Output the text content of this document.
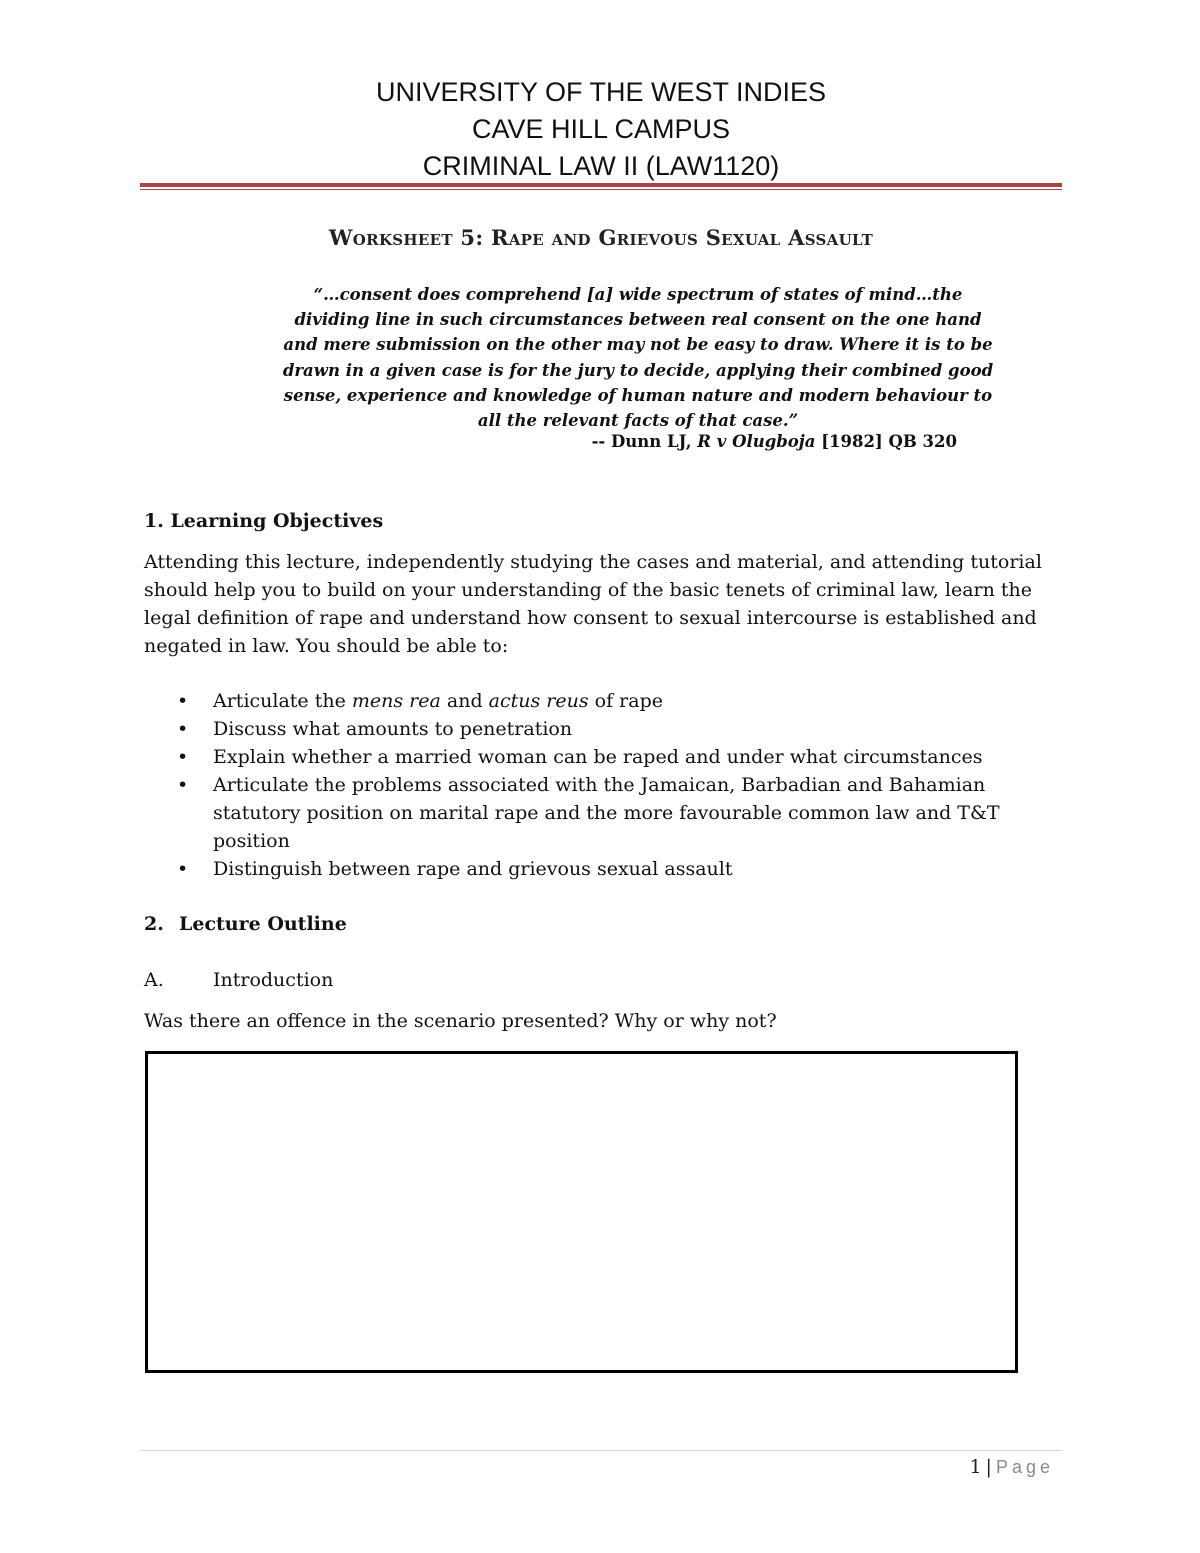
UNIVERSITY OF THE WEST INDIES
CAVE HILL CAMPUS
CRIMINAL LAW II (LAW1120)
Worksheet 5: Rape and Grievous Sexual Assault
“…consent does comprehend [a] wide spectrum of states of mind…the dividing line in such circumstances between real consent on the one hand and mere submission on the other may not be easy to draw. Where it is to be drawn in a given case is for the jury to decide, applying their combined good sense, experience and knowledge of human nature and modern behaviour to all the relevant facts of that case.”
-- Dunn LJ, R v Olugboja [1982] QB 320
1. Learning Objectives
Attending this lecture, independently studying the cases and material, and attending tutorial should help you to build on your understanding of the basic tenets of criminal law, learn the legal definition of rape and understand how consent to sexual intercourse is established and negated in law. You should be able to:
• Articulate the mens rea and actus reus of rape
• Discuss what amounts to penetration
• Explain whether a married woman can be raped and under what circumstances
• Articulate the problems associated with the Jamaican, Barbadian and Bahamian statutory position on marital rape and the more favourable common law and T&T position
• Distinguish between rape and grievous sexual assault
2. Lecture Outline
A.	Introduction
Was there an offence in the scenario presented? Why or why not?
1 | Page
